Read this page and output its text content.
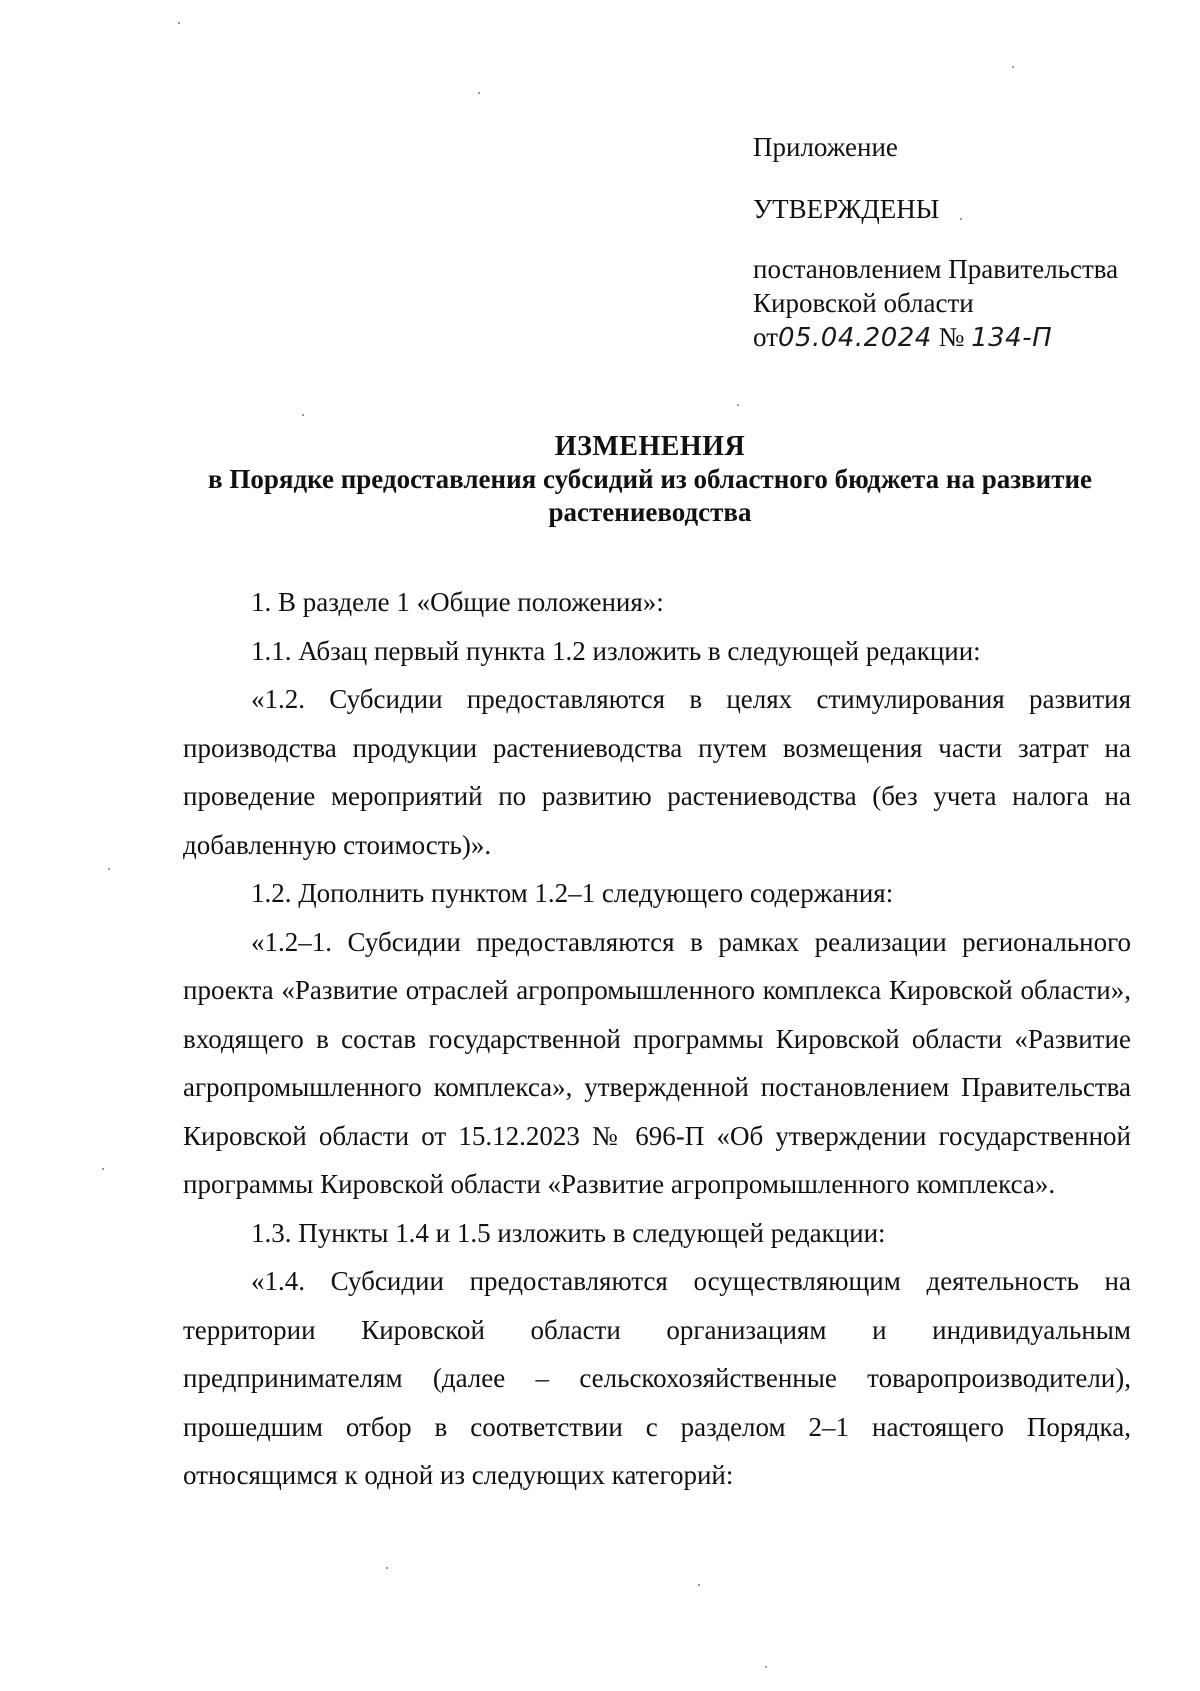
Приложение
УТВЕРЖДЕНЫ
постановлением Правительства
Кировской области
от05.04.2024 № 134-П
ИЗМЕНЕНИЯ
в Порядке предоставления субсидий из областного бюджета на развитие растениеводства

1. В разделе 1 «Общие положения»:

1.1. Абзац первый пункта 1.2 изложить в следующей редакции:

«1.2. Субсидии предоставляются в целях стимулирования развития производства продукции растениеводства путем возмещения части затрат на проведение мероприятий по развитию растениеводства (без учета налога на добавленную стоимость)».

1.2. Дополнить пунктом 1.2–1 следующего содержания:

«1.2–1. Субсидии предоставляются в рамках реализации регионального проекта «Развитие отраслей агропромышленного комплекса Кировской области», входящего в состав государственной программы Кировской области «Развитие агропромышленного комплекса», утвержденной постановлением Правительства Кировской области от 15.12.2023 № 696-П «Об утверждении государственной программы Кировской области «Развитие агропромышленного комплекса».

1.3. Пункты 1.4 и 1.5 изложить в следующей редакции:

«1.4. Субсидии предоставляются осуществляющим деятельность на территории Кировской области организациям и индивидуальным предпринимателям (далее – сельскохозяйственные товаропроизводители), прошедшим отбор в соответствии с разделом 2–1 настоящего Порядка, относящимся к одной из следующих категорий:
